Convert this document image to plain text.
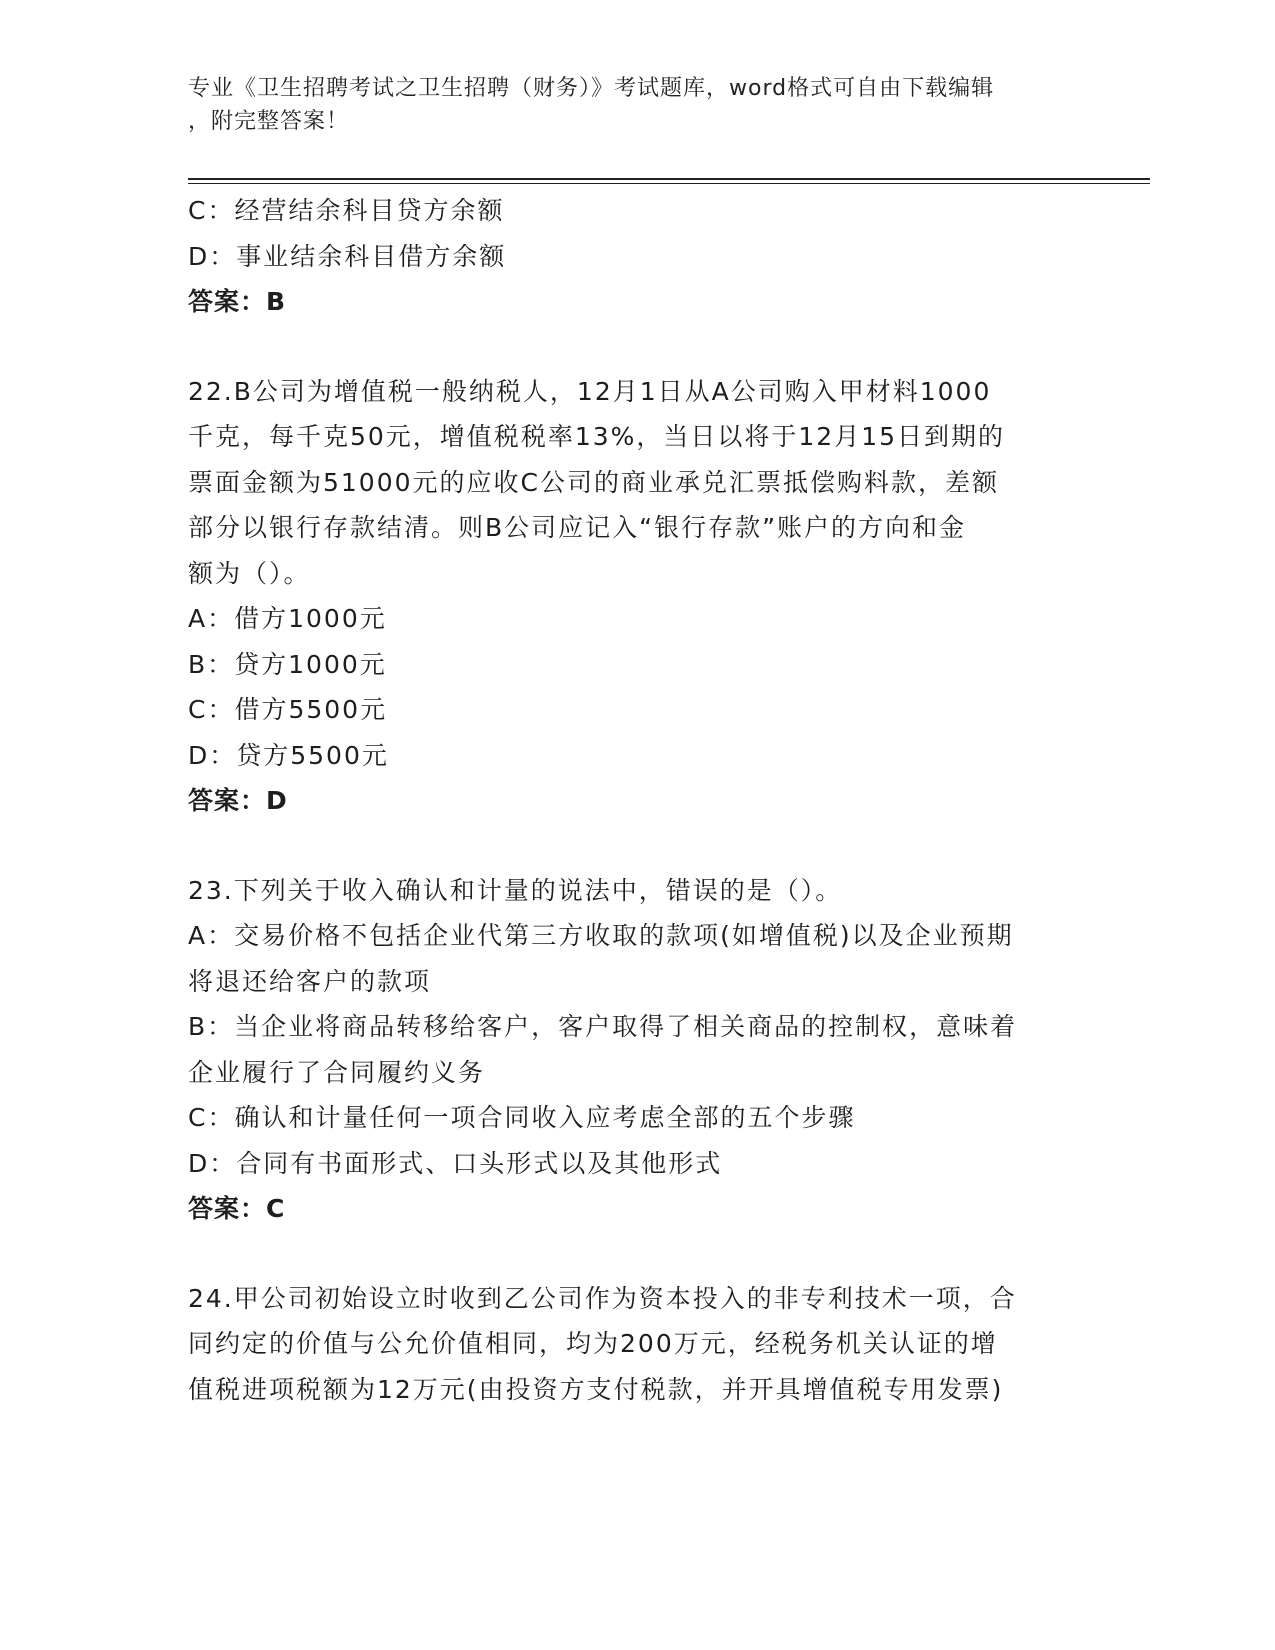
专业《卫生招聘考试之卫生招聘（财务）》考试题库，word格式可自由下载编辑
，附完整答案！
C：经营结余科目贷方余额
D：事业结余科目借方余额
答案：B
22.B公司为增值税一般纳税人，12月1日从A公司购入甲材料1000
千克，每千克50元，增值税税率13%，当日以将于12月15日到期的
票面金额为51000元的应收C公司的商业承兑汇票抵偿购料款，差额
部分以银行存款结清。则B公司应记入“银行存款”账户的方向和金
额为（）。
A：借方1000元
B：贷方1000元
C：借方5500元
D：贷方5500元
答案：D
23.下列关于收入确认和计量的说法中，错误的是（）。
A：交易价格不包括企业代第三方收取的款项(如增值税)以及企业预期
将退还给客户的款项
B：当企业将商品转移给客户，客户取得了相关商品的控制权，意味着
企业履行了合同履约义务
C：确认和计量任何一项合同收入应考虑全部的五个步骤
D：合同有书面形式、口头形式以及其他形式
答案：C
24.甲公司初始设立时收到乙公司作为资本投入的非专利技术一项，合
同约定的价值与公允价值相同，均为200万元，经税务机关认证的增
值税进项税额为12万元(由投资方支付税款，并开具增值税专用发票)
